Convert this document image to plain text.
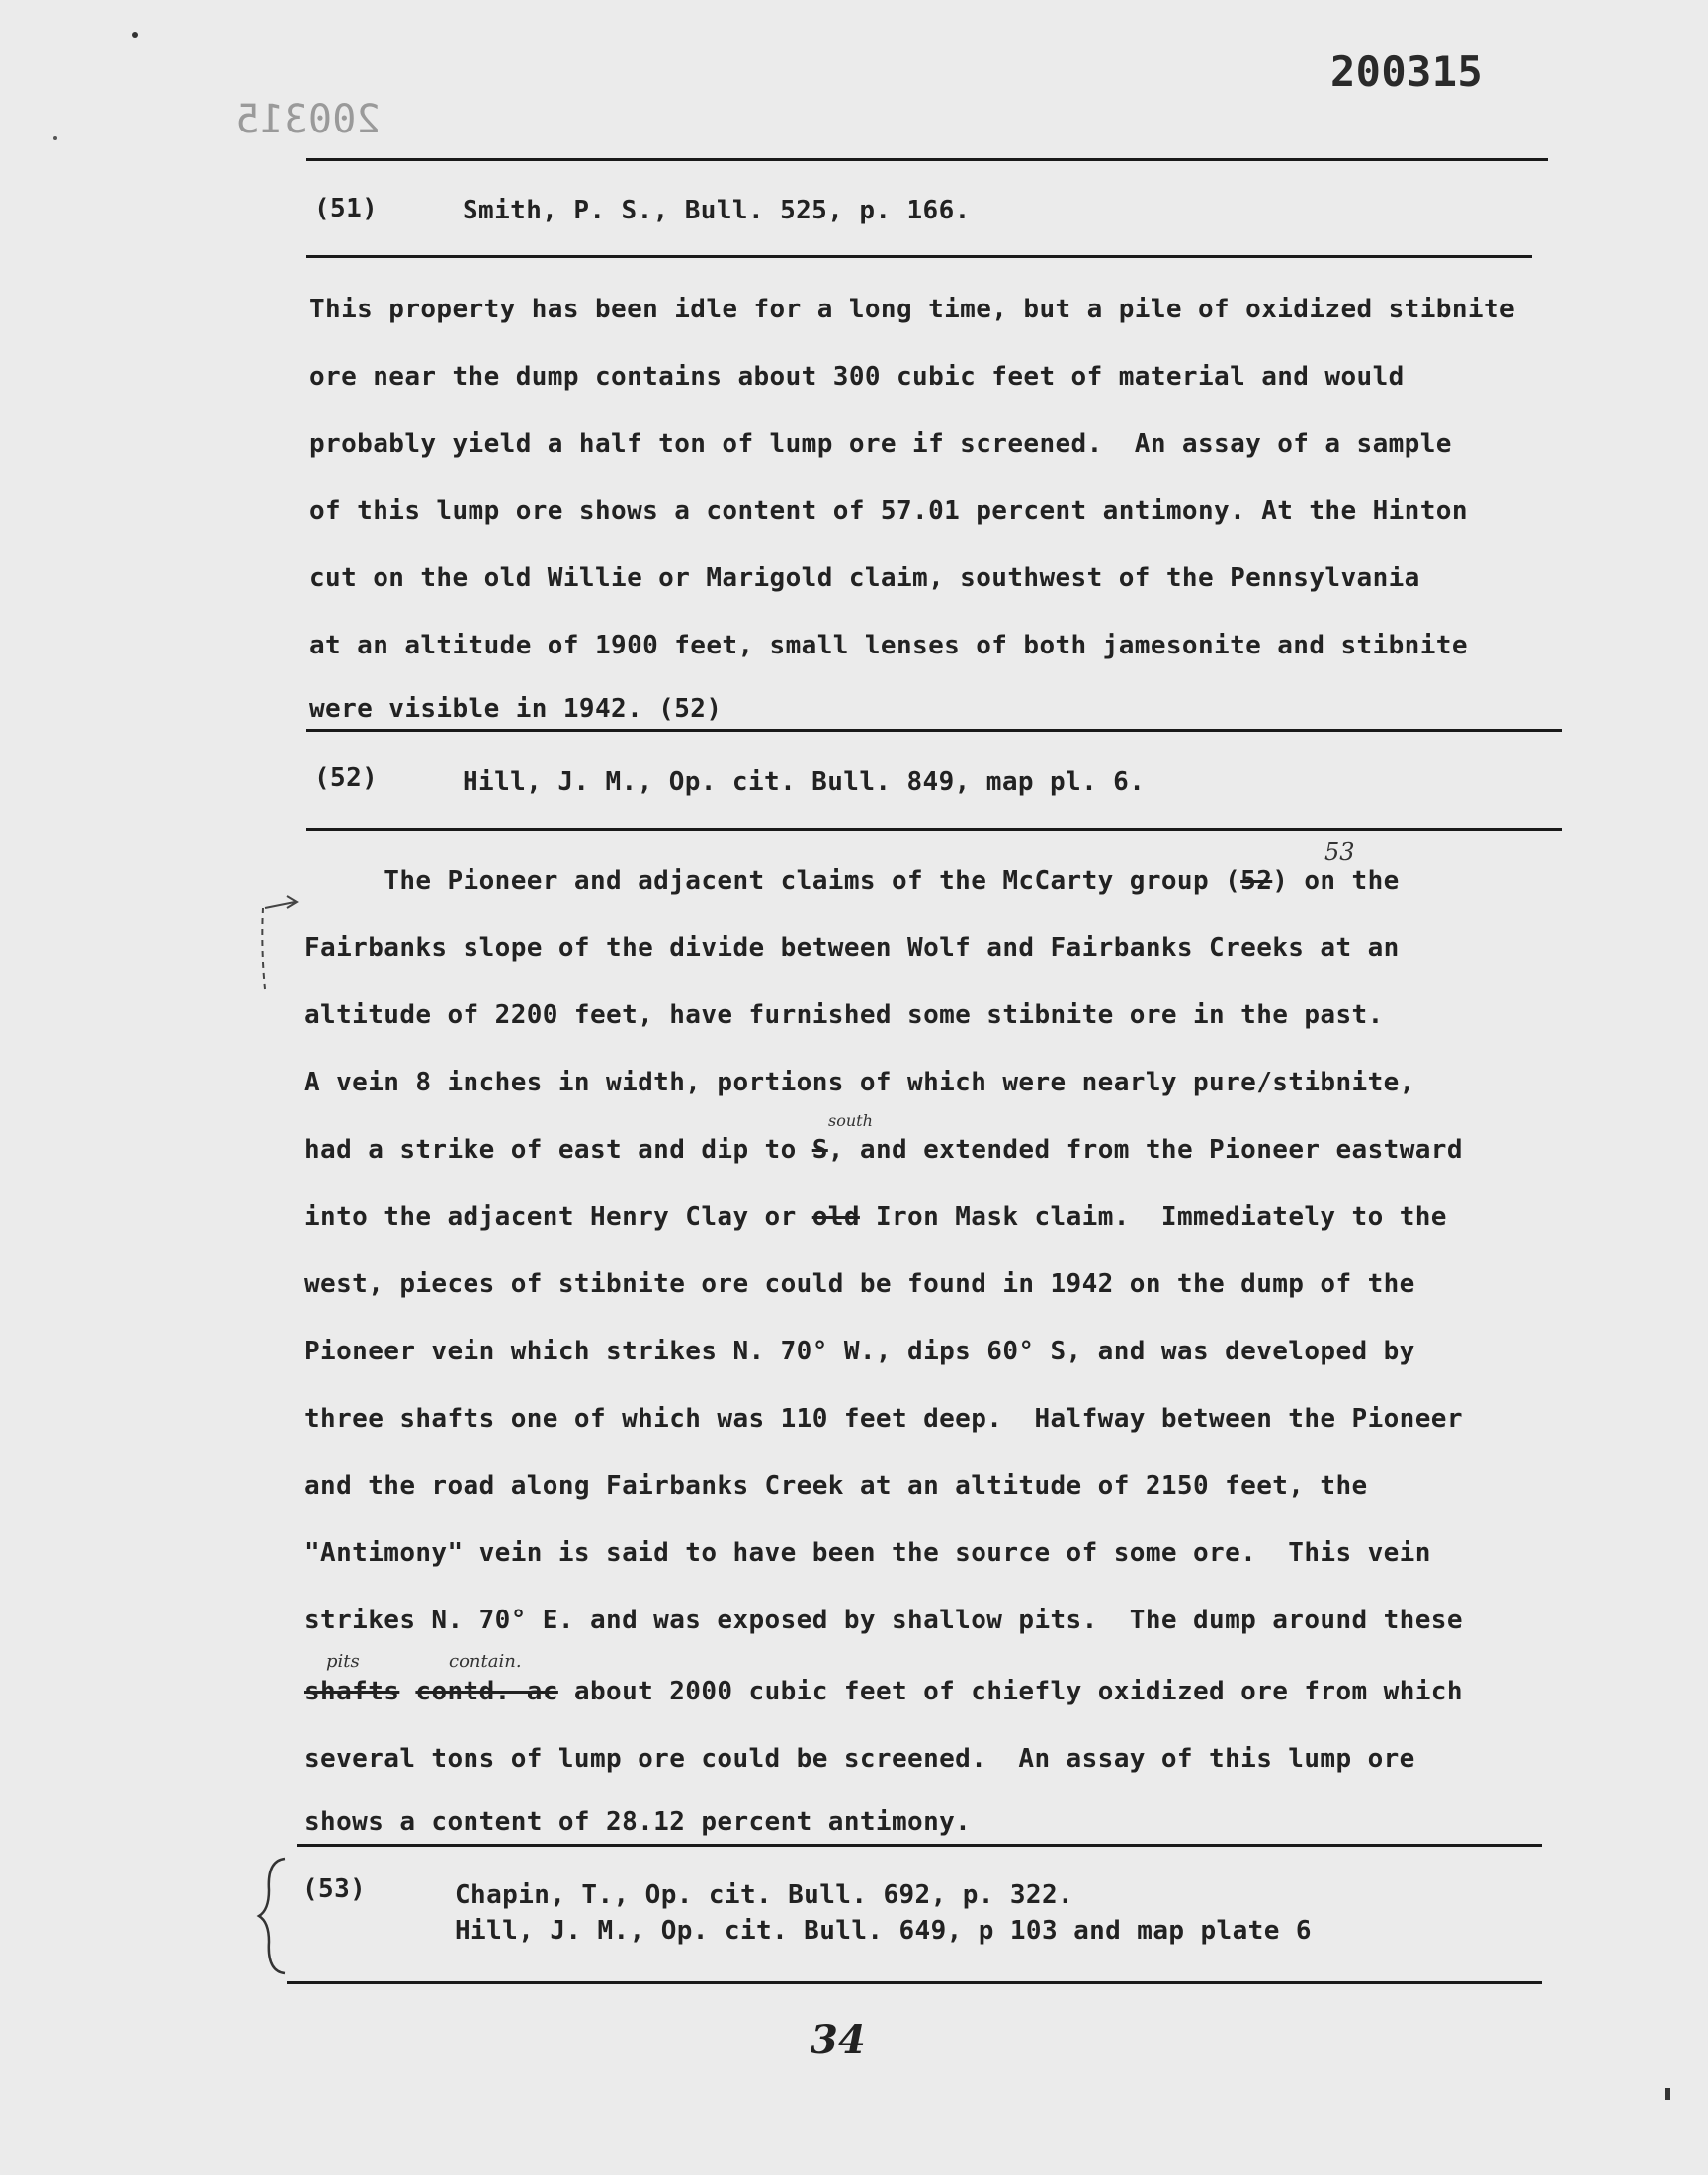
200315

200315
(51)	Smith, P. S., Bull. 525, p. 166.
This property has been idle for a long time, but a pile of oxidized stibnite
ore near the dump contains about 300 cubic feet of material and would
probably yield a half ton of lump ore if screened.  An assay of a sample
of this lump ore shows a content of 57.01 percent antimony. At the Hinton
cut on the old Willie or Marigold claim, southwest of the Pennsylvania
at an altitude of 1900 feet, small lenses of both jamesonite and stibnite
were visible in 1942. (52)
(52)	Hill, J. M., Op. cit. Bull. 849, map pl. 6.
53
The Pioneer and adjacent claims of the McCarty group (52) on the
Fairbanks slope of the divide between Wolf and Fairbanks Creeks at an
altitude of 2200 feet, have furnished some stibnite ore in the past.
A vein 8 inches in width, portions of which were nearly pure/stibnite,
south
had a strike of east and dip to S, and extended from the Pioneer eastward
into the adjacent Henry Clay or old Iron Mask claim.  Immediately to the
west, pieces of stibnite ore could be found in 1942 on the dump of the
Pioneer vein which strikes N. 70° W., dips 60° S, and was developed by
three shafts one of which was 110 feet deep.  Halfway between the Pioneer
and the road along Fairbanks Creek at an altitude of 2150 feet, the
"Antimony" vein is said to have been the source of some ore.  This vein
strikes N. 70° E. and was exposed by shallow pits.  The dump around these
pits	contain.
shafts contd. ac about 2000 cubic feet of chiefly oxidized ore from which
several tons of lump ore could be screened.  An assay of this lump ore
shows a content of 28.12 percent antimony.
(53)	Chapin, T., Op. cit. Bull. 692, p. 322.
Hill, J. M., Op. cit. Bull. 649, p 103 and map plate 6
34
